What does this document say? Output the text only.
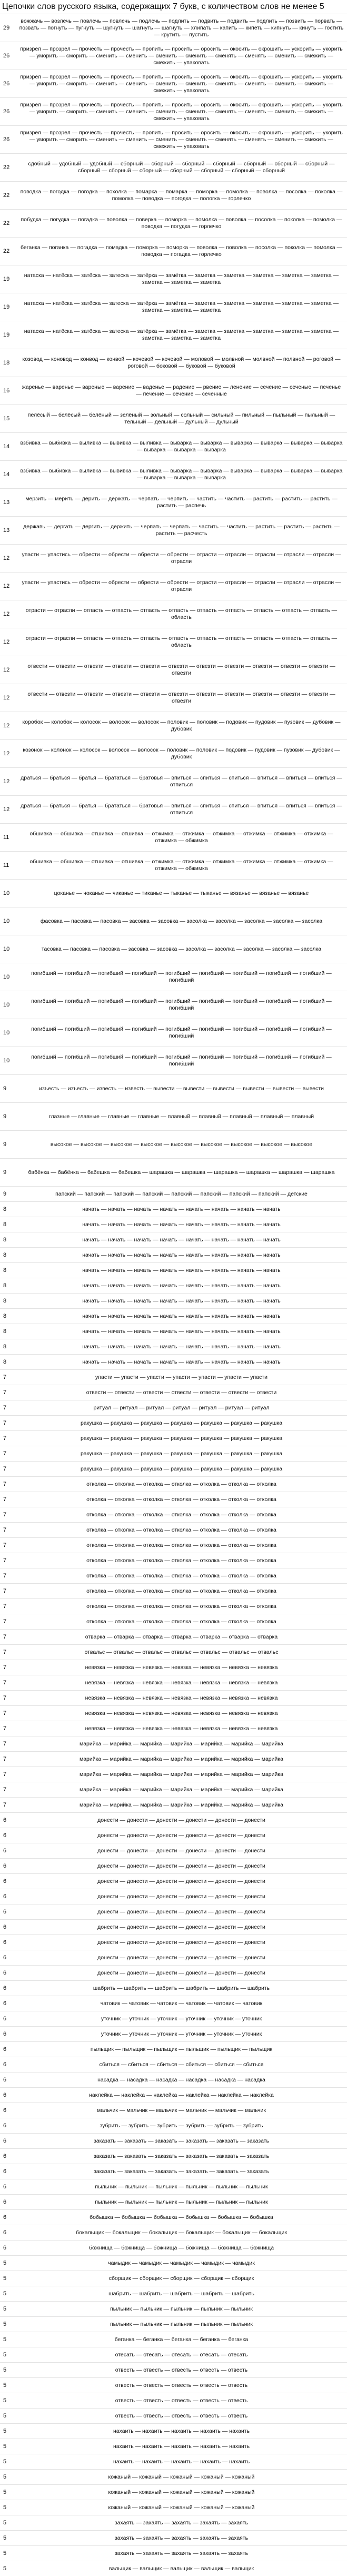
Цепочки слов русского языка, содержащих 7 букв, с количеством слов не менее 5
29
вожжачь — возлечь — повлечь — повлечь — подлечь — подлить — подвить — подвить — подлить — позвить — порвать — позвать — погнуть — пугнуть — шугнуть — шагнуть — шагнуть — хлипать — капить — кипеть — кипнуть — кинуть — гостить — крутить — пустить
26
призрел — прозрел — прочесть — прочесть — пропить — просить — оросить — окосить — окрошить — ускорить — укорить — уморить — сморить — сменить — сменить — сменить — сменить — сменять — сменять — сменить — смежить — смежить — упаковать
26
призрел — прозрел — прочесть — прочесть — пропить — просить — оросить — окосить — окрошить — ускорить — укорить — уморить — сморить — сменить — сменить — сменить — сменить — сменять — сменять — сменить — смежить — смежить — упаковать
26
призрел — прозрел — прочесть — прочесть — пропить — просить — оросить — окосить — окрошить — ускорить — укорить — уморить — сморить — сменить — сменить — сменить — сменить — сменять — сменять — сменить — смежить — смежить — упаковать
26
призрел — прозрел — прочесть — прочесть — пропить — просить — оросить — окосить — окрошить — ускорить — укорить — уморить — сморить — сменить — сменить — сменить — сменить — сменять — сменять — сменить — смежить — смежить — упаковать
22
сдобный — удобный — удобный — сборный — сборный — сборный — сборный — сборный — сборный — сборный — сборный — сборный — сборный — сборный — сборный — сборный — сборный
22
поводка — погодка — погодка — похолка — помарка — помарка — поморка — помолка — поволка — посолка — поколка — помолка — поводка — погодка — пологка — горлечко
22
побудка — погудка — погадка — поволка — поверка — поморка — помолка — поволка — посолка — поколка — помолка — поводка — погудка — горлечко
22
беганка — поганка — погадка — помадка — поморка — поморка — поволка — поволка — посолка — поколка — помолка — поводка — погадка — горлечко
19
натаска — натёска — затёска — затеска — затёрка — замётка — заметка — заметка — заметка — заметка — заметка — заметка — заметка — заметка
19
натаска — натёска — затёска — затеска — затёрка — замётка — заметка — заметка — заметка — заметка — заметка — заметка — заметка — заметка
19
натаска — натёска — затёска — затеска — затёрка — замётка — заметка — заметка — заметка — заметка — заметка — заметка — заметка — заметка
18
козовод — коновод — конвод — конвой — кочевой — кочевой — моловой — молвной — молвной — полвной — роговой — роговой — боковой — буковой — буковой
16
жаренье — варенье — вареные — варение — ваденье — радение — рвение — ленение — сечение — сеченые — печенье — печение — сечение — сеченные
15
пелёсый — белёсый — белёный — зелёный — зольный — сольный — сильный — пильный — пыльный — пыльный — тельный — дельный — дульный — дульный
14
взбивка — выбивка — выливка — вывивка — выливка — выварка — выварка — выварка — выварка — выварка — выварка — выварка — выварка — выварка
14
взбивка — выбивка — выливка — вывивка — выливка — выварка — выварка — выварка — выварка — выварка — выварка — выварка — выварка — выварка
13
мерзить — мерить — дерить — держать — черпать — черпить — частить — частить — растить — растить — растить — растить — распечь
13
державь — дергать — дергить — держить — черпать — черпать — частить — частить — растить — растить — растить — растить — расчесть
12
упасти — упастись — обрести — обрести — обрести — обрести — отрасти — отрасли — отрасли — отрасли — отрасли — отрасли
12
упасти — упастись — обрести — обрести — обрести — обрести — отрасти — отрасли — отрасли — отрасли — отрасли — отрасли
12
отрасти — отрасли — отпасть — отпасть — отпасть — отпасть — отпасть — отпасть — отпасть — отпасть — отпасть — область
12
отрасти — отрасли — отпасть — отпасть — отпасть — отпасть — отпасть — отпасть — отпасть — отпасть — отпасть — область
12
отвести — отвезти — отвезти — отвезти — отвезти — отвезти — отвезти — отвезти — отвезти — отвезти — отвезти — отвезти
12
отвести — отвезти — отвезти — отвезти — отвезти — отвезти — отвезти — отвезти — отвезти — отвезти — отвезти — отвезти
12
коробок — колобок — колосок — волосок — волосок — половик — половик — подовик — пудовик — пузовик — дубовик — дубовик
12
козонок — колонок — колосок — волосок — волосок — половик — половик — подовик — пудовик — пузовик — дубовик — дубовик
12
драться — браться — братья — брататься — братовья — впиться — спиться — спиться — впиться — впиться — впиться — отпиться
12
драться — браться — братья — брататься — братовья — впиться — спиться — спиться — впиться — впиться — впиться — отпиться
11
обшивка — обшивка — отшивка — отшивка — отжимка — отжимка — отжимка — отжимка — отжимка — отжимка — отжимка — обжимка
11
обшивка — обшивка — отшивка — отшивка — отжимка — отжимка — отжимка — отжимка — отжимка — отжимка — отжимка — обжимка
10	цоканье — чоканье — чиканье — тиканье — тыканье — тыканье — вязанье — вязанье — вязанье
10	фасовка — пасовка — пасовка — засовка — засовка — засолка — засолка — засолка — засолка — засолка
10	тасовка — пасовка — пасовка — засовка — засовка — засолка — засолка — засолка — засолка — засолка
10
погибший — погибший — погибший — погибший — погибший — погибший — погибший — погибший — погибший — погибший
10
погибший — погибший — погибший — погибший — погибший — погибший — погибший — погибший — погибший — погибший
10
погибший — погибший — погибший — погибший — погибший — погибший — погибший — погибший — погибший — погибший
10
погибший — погибший — погибший — погибший — погибший — погибший — погибший — погибший — погибший — погибший
9	изъесть — изъесть — известь — известь — вывести — вывести — вывести — вывести — вывести — вывести
9	глазные — главные — главные — главные — плавный — плавный — плавный — плавный — плавный
9	высокое — высокое — высокое — высокое — высокое — высокое — высокое — высокое — высокое
9	бабёнка — бабёнка — бабешка — бабешка — шарашка — шарашка — шарашка — шарашка — шарашка — шарашка
9	папский — папский — папский — папский — папский — папский — папский — папский — детские
8	начать — начать — начать — начать — начать — начать — начать — начать
8	начать — начать — начать — начать — начать — начать — начать — начать
8	начать — начать — начать — начать — начать — начать — начать — начать
8	начать — начать — начать — начать — начать — начать — начать — начать
8	начать — начать — начать — начать — начать — начать — начать — начать
8	начать — начать — начать — начать — начать — начать — начать — начать
8	начать — начать — начать — начать — начать — начать — начать — начать
8	начать — начать — начать — начать — начать — начать — начать — начать
8	начать — начать — начать — начать — начать — начать — начать — начать
8	начать — начать — начать — начать — начать — начать — начать — начать
8	начать — начать — начать — начать — начать — начать — начать — начать
7	упасти — упасти — упасти — упасти — упасти — упасти — упасти
7	отвести — отвести — отвести — отвести — отвести — отвести — отвести
7	ритуал — ритуал — ритуал — ритуал — ритуал — ритуал — ритуал
7	ракушка — ракушка — ракушка — ракушка — ракушка — ракушка — ракушка
7	ракушка — ракушка — ракушка — ракушка — ракушка — ракушка — ракушка
7	ракушка — ракушка — ракушка — ракушка — ракушка — ракушка — ракушка
7	ракушка — ракушка — ракушка — ракушка — ракушка — ракушка — ракушка
7	отколка — отколка — отколка — отколка — отколка — отколка — отколка
7	отколка — отколка — отколка — отколка — отколка — отколка — отколка
7	отколка — отколка — отколка — отколка — отколка — отколка — отколка
7	отколка — отколка — отколка — отколка — отколка — отколка — отколка
7	отколка — отколка — отколка — отколка — отколка — отколка — отколка
7	отколка — отколка — отколка — отколка — отколка — отколка — отколка
7	отколка — отколка — отколка — отколка — отколка — отколка — отколка
7	отколка — отколка — отколка — отколка — отколка — отколка — отколка
7	отколка — отколка — отколка — отколка — отколка — отколка — отколка
7	отколка — отколка — отколка — отколка — отколка — отколка — отколка
7	отварка — отварка — отварка — отварка — отварка — отварка — отварка
7	отвальс — отвальс — отвальс — отвальс — отвальс — отвальс — отвальс
7	невязка — невязка — невязка — невязка — невязка — невязка — невязка
7	невязка — невязка — невязка — невязка — невязка — невязка — невязка
7	невязка — невязка — невязка — невязка — невязка — невязка — невязка
7	невязка — невязка — невязка — невязка — невязка — невязка — невязка
7	невязка — невязка — невязка — невязка — невязка — невязка — невязка
7	марийка — марийка — марийка — марийка — марийка — марийка — марийка
7	марийка — марийка — марийка — марийка — марийка — марийка — марийка
7	марийка — марийка — марийка — марийка — марийка — марийка — марийка
7	марийка — марийка — марийка — марийка — марийка — марийка — марийка
7	марийка — марийка — марийка — марийка — марийка — марийка — марийка
6	донести — донести — донести — донести — донести — донести
6	донести — донести — донести — донести — донести — донести
6	донести — донести — донести — донести — донести — донести
6	донести — донести — донести — донести — донести — донести
6	донести — донести — донести — донести — донести — донести
6	донести — донести — донести — донести — донести — донести
6	донести — донести — донести — донести — донести — донести
6	донести — донести — донести — донести — донести — донести
6	донести — донести — донести — донести — донести — донести
6	донести — донести — донести — донести — донести — донести
6	донести — донести — донести — донести — донести — донести
6	шабрить — шабрить — шабрить — шабрить — шабрить — шабрить
6	чатовик — чатовик — чатовик — чатовик — чатовик — чатовик
6	уточник — уточник — уточник — уточник — уточник — уточник
6	уточник — уточник — уточник — уточник — уточник — уточник
6	пыльщик — пыльщик — пыльщик — пыльщик — пыльщик — пыльщик
6	сбиться — сбиться — сбиться — сбиться — сбиться — сбиться
6	насадка — насадка — насадка — насадка — насадка — насадка
6	наклейка — наклейка — наклейка — наклейка — наклейка — наклейка
6	мальчик — мальчик — мальчик — мальчик — мальчик — мальчик
6	зубрить — зубрить — зубрить — зубрить — зубрить — зубрить
6	заказать — заказать — заказать — заказать — заказать — заказать
6	заказать — заказать — заказать — заказать — заказать — заказать
6	заказать — заказать — заказать — заказать — заказать — заказать
6	пыльник — пыльник — пыльник — пыльник — пыльник — пыльник
6	пыльник — пыльник — пыльник — пыльник — пыльник — пыльник
6	бобышка — бобышка — бобышка — бобышка — бобышка — бобышка
6	бокальщик — бокальщик — бокальщик — бокальщик — бокальщик — бокальщик
6	божнища — божнища — божнища — божнища — божнища — божнища
5	чамыдик — чамыдик — чамыдик — чамыдик — чамыдик
5	сборщик — сборщик — сборщик — сборщик — сборщик
5	шабрить — шабрить — шабрить — шабрить — шабрить
5	пыльник — пыльник — пыльник — пыльник — пыльник
5	пыльник — пыльник — пыльник — пыльник — пыльник
5	беганка — беганка — беганка — беганка — беганка
5	отесать — отесать — отесать — отесать — отесать
5	отвесть — отвесть — отвесть — отвесть — отвесть
5	отвесть — отвесть — отвесть — отвесть — отвесть
5	отвесть — отвесть — отвесть — отвесть — отвесть
5	отвесть — отвесть — отвесть — отвесть — отвесть
5	нахаить — нахаить — нахаить — нахаить — нахаить
5	нахаить — нахаить — нахаить — нахаить — нахаить
5	нахаить — нахаить — нахаить — нахаить — нахаить
5	кожаный — кожаный — кожаный — кожаный — кожаный
5	кожаный — кожаный — кожаный — кожаный — кожаный
5	кожаный — кожаный — кожаный — кожаный — кожаный
5	захаять — захаять — захаять — захаять — захаять
5	захаять — захаять — захаять — захаять — захаять
5	захаять — захаять — захаять — захаять — захаять
5	вальщик — вальщик — вальщик — вальщик — вальщик
